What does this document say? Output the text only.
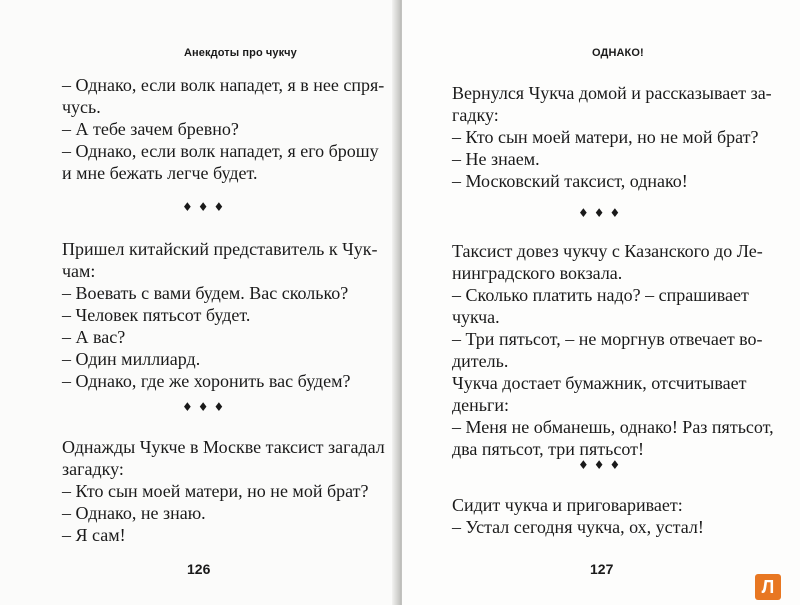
Анекдоты про чукчу
– Однако, если волк нападет, я в нее спря-
чусь.
– А тебе зачем бревно?
– Однако, если волк нападет, я его брошу
и мне бежать легче будет.
♦♦♦
Пришел китайский представитель к Чук-
чам:
– Воевать с вами будем. Вас сколько?
– Человек пятьсот будет.
– А вас?
– Один миллиард.
– Однако, где же хоронить вас будем?
♦♦♦
Однажды Чукче в Москве таксист загадал
загадку:
– Кто сын моей матери, но не мой брат?
– Однако, не знаю.
– Я сам!
126
ОДНАКО!
Вернулся Чукча домой и рассказывает за-
гадку:
– Кто сын моей матери, но не мой брат?
– Не знаем.
– Московский таксист, однако!
♦♦♦
Таксист довез чукчу с Казанского до Ле-
нинградского вокзала.
– Сколько платить надо? – спрашивает
чукча.
– Три пятьсот, – не моргнув отвечает во-
дитель.
Чукча достает бумажник, отсчитывает
деньги:
– Меня не обманешь, однако! Раз пятьсот,
два пятьсот, три пятьсот!
♦♦♦
Сидит чукча и приговаривает:
– Устал сегодня чукча, ох, устал!
127
Л
